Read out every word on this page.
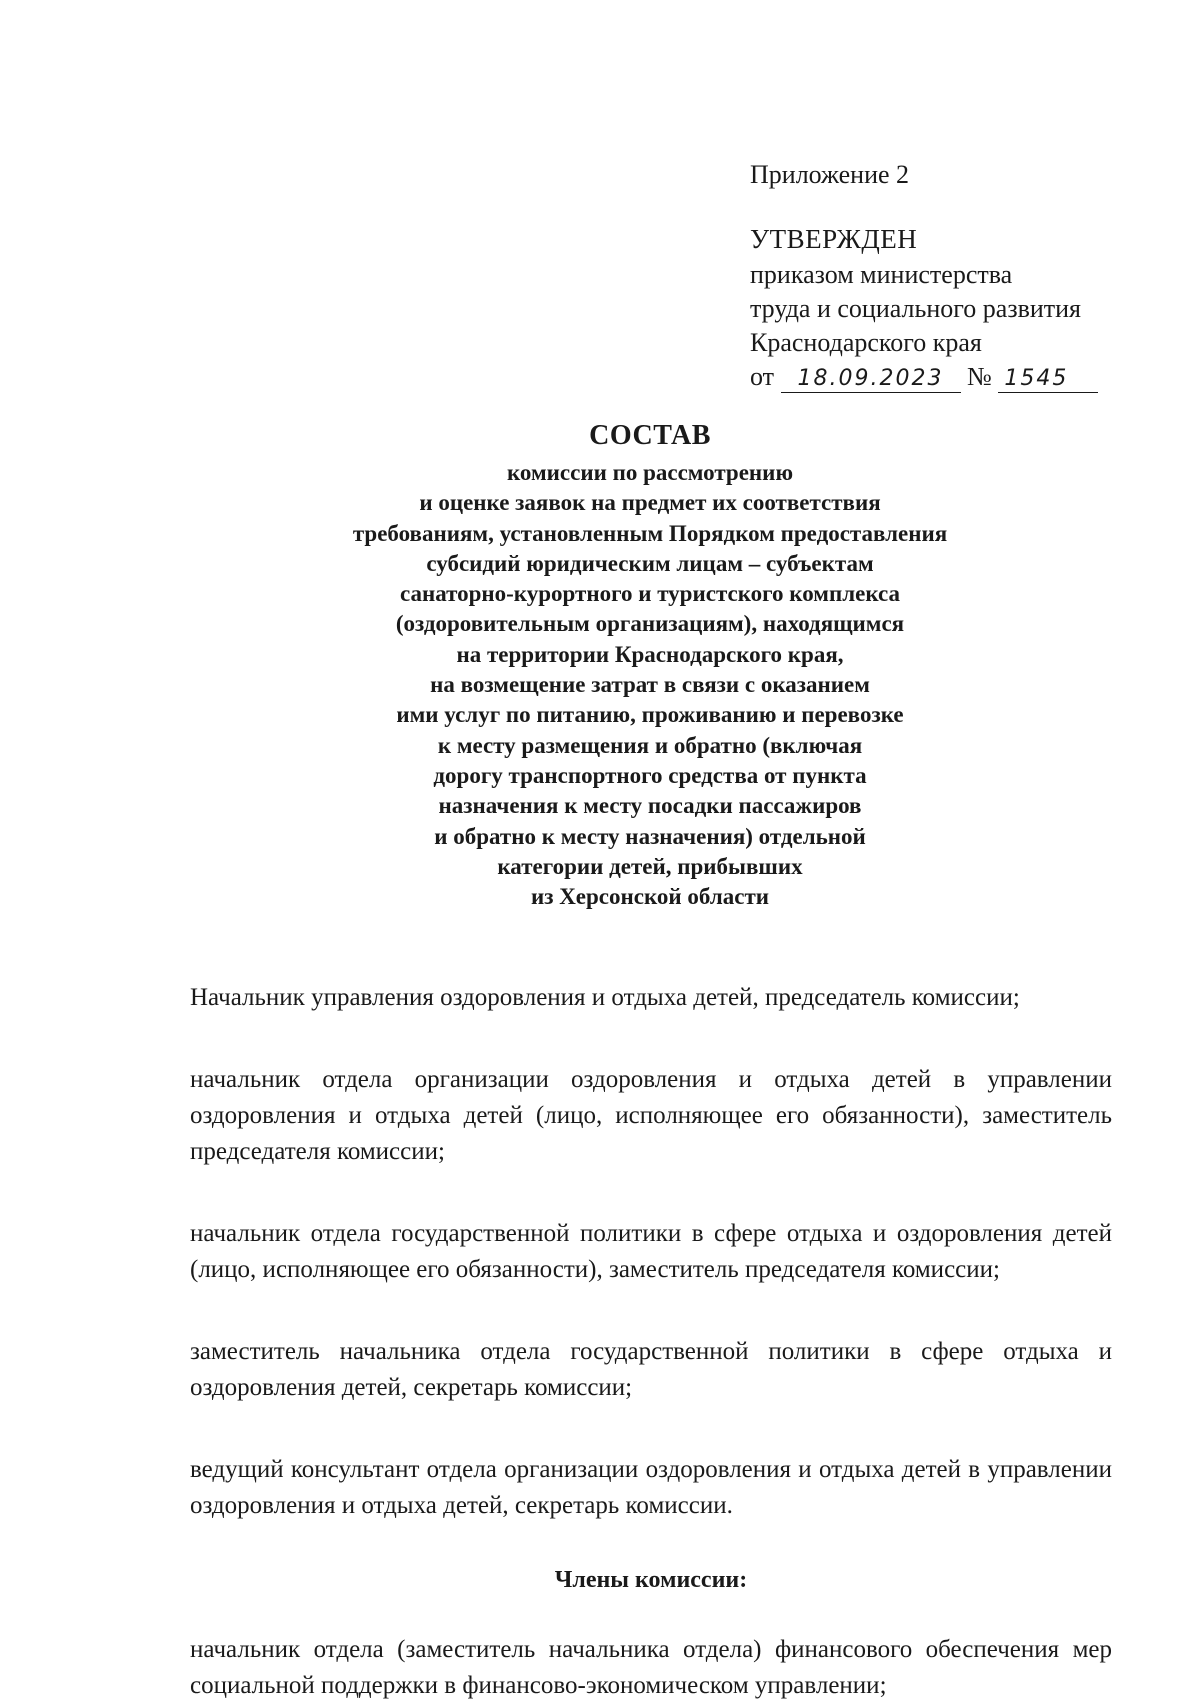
Приложение 2
УТВЕРЖДЕН
приказом министерства
труда и социального развития
Краснодарского края
от 18.09.2023 № 1545
СОСТАВ
комиссии по рассмотрению
и оценке заявок на предмет их соответствия
требованиям, установленным Порядком предоставления
субсидий юридическим лицам – субъектам
санаторно-курортного и туристского комплекса
(оздоровительным организациям), находящимся
на территории Краснодарского края,
на возмещение затрат в связи с оказанием
ими услуг по питанию, проживанию и перевозке
к месту размещения и обратно (включая
дорогу транспортного средства от пункта
назначения к месту посадки пассажиров
и обратно к месту назначения) отдельной
категории детей, прибывших
из Херсонской области

Начальник управления оздоровления и отдыха детей, председатель комиссии;

начальник отдела организации оздоровления и отдыха детей в управлении оздоровления и отдыха детей (лицо, исполняющее его обязанности), заместитель председателя комиссии;

начальник отдела государственной политики в сфере отдыха и оздоровления детей (лицо, исполняющее его обязанности), заместитель председателя комиссии;

заместитель начальника отдела государственной политики в сфере отдыха и оздоровления детей, секретарь комиссии;

ведущий консультант отдела организации оздоровления и отдыха детей в управлении оздоровления и отдыха детей, секретарь комиссии.

Члены комиссии:

начальник отдела (заместитель начальника отдела) финансового обеспечения мер социальной поддержки в финансово-экономическом управлении;
